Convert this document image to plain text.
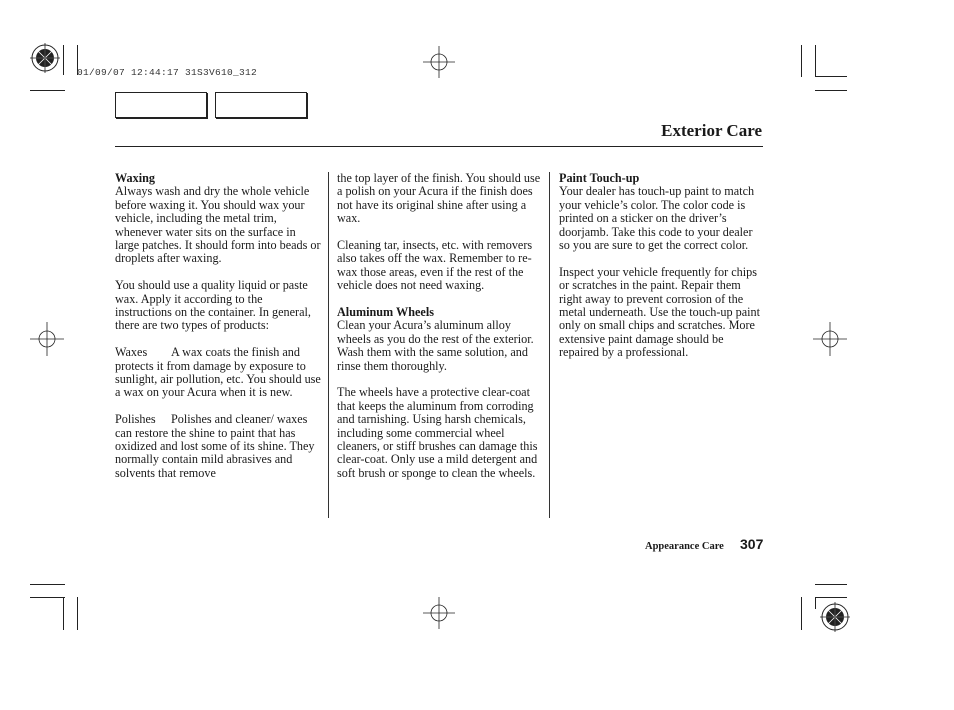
01/09/07 12:44:17 31S3V610_312
Exterior Care

Waxing

Always wash and dry the whole vehicle before waxing it. You should wax your vehicle, including the metal trim, whenever water sits on the surface in large patches. It should form into beads or droplets after waxing.

You should use a quality liquid or paste wax. Apply it according to the instructions on the container. In general, there are two types of products:

Waxes A wax coats the finish and protects it from damage by exposure to sunlight, air pollution, etc. You should use a wax on your Acura when it is new.

Polishes Polishes and cleaner/ waxes can restore the shine to paint that has oxidized and lost some of its shine. They normally contain mild abrasives and solvents that remove

the top layer of the finish. You should use a polish on your Acura if the finish does not have its original shine after using a wax.

Cleaning tar, insects, etc. with removers also takes off the wax. Remember to re-wax those areas, even if the rest of the vehicle does not need waxing.

Aluminum Wheels

Clean your Acura’s aluminum alloy wheels as you do the rest of the exterior. Wash them with the same solution, and rinse them thoroughly.

The wheels have a protective clear-coat that keeps the aluminum from corroding and tarnishing. Using harsh chemicals, including some commercial wheel cleaners, or stiff brushes can damage this clear-coat. Only use a mild detergent and soft brush or sponge to clean the wheels.

Paint Touch-up

Your dealer has touch-up paint to match your vehicle’s color. The color code is printed on a sticker on the driver’s doorjamb. Take this code to your dealer so you are sure to get the correct color.

Inspect your vehicle frequently for chips or scratches in the paint. Repair them right away to prevent corrosion of the metal underneath. Use the touch-up paint only on small chips and scratches. More extensive paint damage should be repaired by a professional.

Appearance Care 307
